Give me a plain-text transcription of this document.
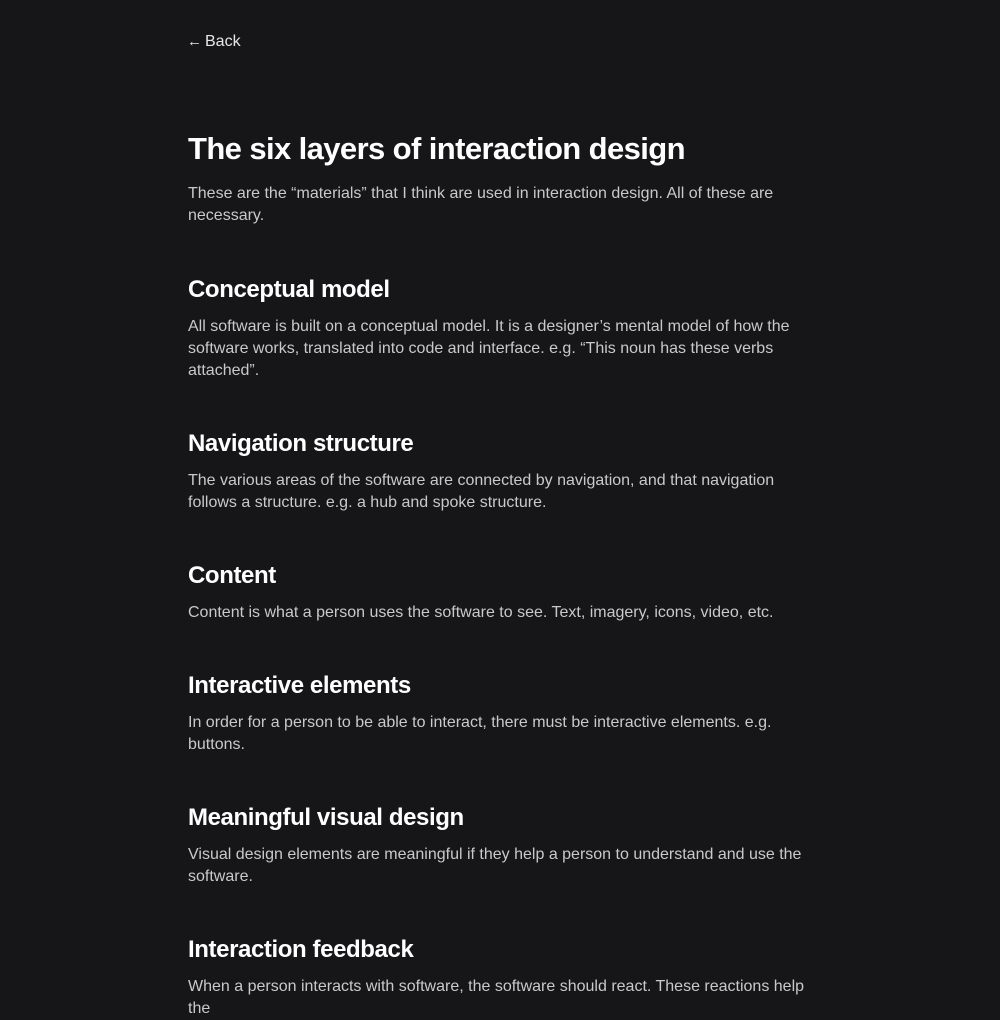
← Back
The six layers of interaction design

These are the “materials” that I think are used in interaction design. All of these are necessary.

Conceptual model

All software is built on a conceptual model. It is a designer’s mental model of how the software works, translated into code and interface. e.g. “This noun has these verbs attached”.

Navigation structure

The various areas of the software are connected by navigation, and that navigation follows a structure. e.g. a hub and spoke structure.

Content

Content is what a person uses the software to see. Text, imagery, icons, video, etc.

Interactive elements

In order for a person to be able to interact, there must be interactive elements. e.g. buttons.

Meaningful visual design

Visual design elements are meaningful if they help a person to understand and use the software.

Interaction feedback

When a person interacts with software, the software should react. These reactions help the
